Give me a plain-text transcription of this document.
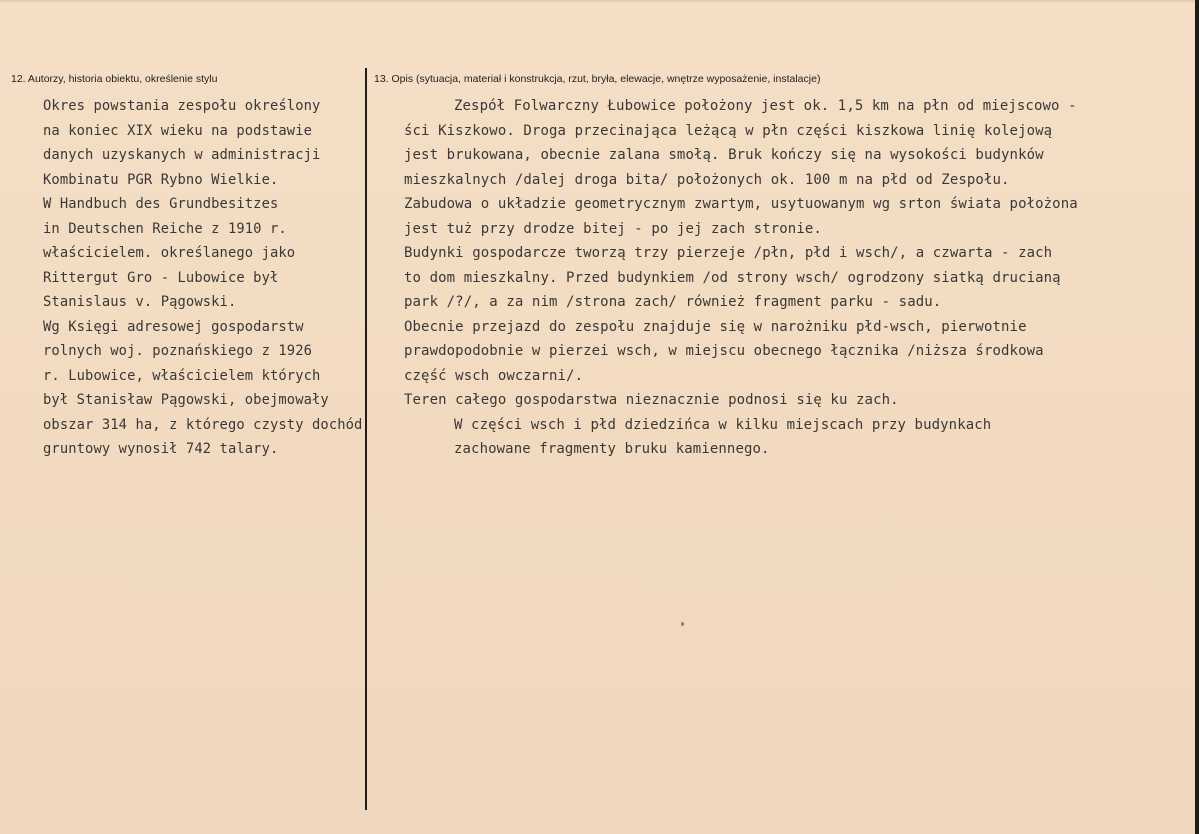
12. Autorzy, historia obiektu, określenie stylu	13. Opis (sytuacja, materiał i konstrukcja, rzut, bryła, elewacje, wnętrze wyposażenie, instalacje)
Okres powstania zespołu określony
na koniec XIX wieku na podstawie
danych uzyskanych w administracji
Kombinatu PGR Rybno Wielkie.
W Handbuch des Grundbesitzes
in Deutschen Reiche z 1910 r.
właścicielem. określanego jako
Rittergut Gro - Lubowice był
Stanislaus v. Pągowski.
Wg Księgi adresowej gospodarstw
rolnych woj. poznańskiego z 1926
r. Lubowice, właścicielem których
był Stanisław Pągowski, obejmowały
obszar 314 ha, z którego czysty dochód
gruntowy wynosił 742 talary.
Zespół Folwarczny Łubowice położony jest ok. 1,5 km na płn od miejscowo -
ści Kiszkowo. Droga przecinająca leżącą w płn części kiszkowa linię kolejową
jest brukowana, obecnie zalana smołą. Bruk kończy się na wysokości budynków
mieszkalnych /dalej droga bita/ położonych ok. 100 m na płd od Zespołu.
Zabudowa o układzie geometrycznym zwartym, usytuowanym wg srton świata położona
jest tuż przy drodze bitej - po jej zach stronie.
Budynki gospodarcze tworzą trzy pierzeje /płn, płd i wsch/, a czwarta - zach
to dom mieszkalny. Przed budynkiem /od strony wsch/ ogrodzony siatką drucianą
park /?/, a za nim /strona zach/ również fragment parku - sadu.
Obecnie przejazd do zespołu znajduje się w narożniku płd-wsch, pierwotnie
prawdopodobnie w pierzei wsch, w miejscu obecnego łącznika /niższa środkowa
część wsch owczarni/.
Teren całego gospodarstwa nieznacznie podnosi się ku zach.
W części wsch i płd dziedzińca w kilku miejscach przy budynkach
zachowane fragmenty bruku kamiennego.
